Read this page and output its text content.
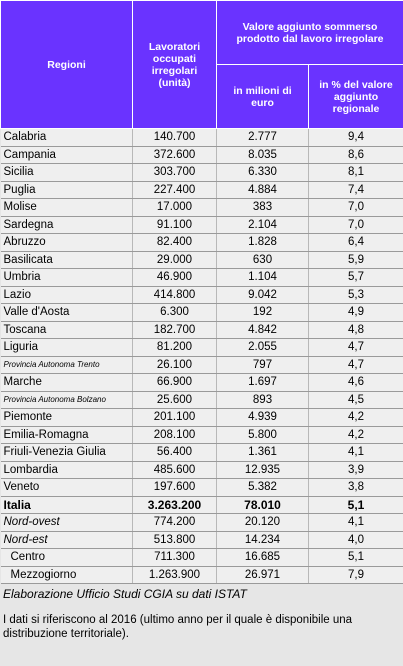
Regioni	Lavoratori occupati irregolari (unità)	Valore aggiunto sommerso prodotto dal lavoro irregolare	
		in milioni di euro	in % del valore aggiunto regionale
Calabria	140.700	2.777	9,4
Campania	372.600	8.035	8,6
Sicilia	303.700	6.330	8,1
Puglia	227.400	4.884	7,4
Molise	17.000	383	7,0
Sardegna	91.100	2.104	7,0
Abruzzo	82.400	1.828	6,4
Basilicata	29.000	630	5,9
Umbria	46.900	1.104	5,7
Lazio	414.800	9.042	5,3
Valle d'Aosta	6.300	192	4,9
Toscana	182.700	4.842	4,8
Liguria	81.200	2.055	4,7
Provincia Autonoma Trento	26.100	797	4,7
Marche	66.900	1.697	4,6
Provincia Autonoma Bolzano	25.600	893	4,5
Piemonte	201.100	4.939	4,2
Emilia-Romagna	208.100	5.800	4,2
Friuli-Venezia Giulia	56.400	1.361	4,1
Lombardia	485.600	12.935	3,9
Veneto	197.600	5.382	3,8
Italia	3.263.200	78.010	5,1
Nord-ovest	774.200	20.120	4,1
Nord-est	513.800	14.234	4,0
Centro	711.300	16.685	5,1
Mezzogiorno	1.263.900	26.971	7,9
Elaborazione Ufficio Studi CGIA su dati ISTAT
I dati si riferiscono al 2016 (ultimo anno per il quale è disponibile una distribuzione territoriale).
